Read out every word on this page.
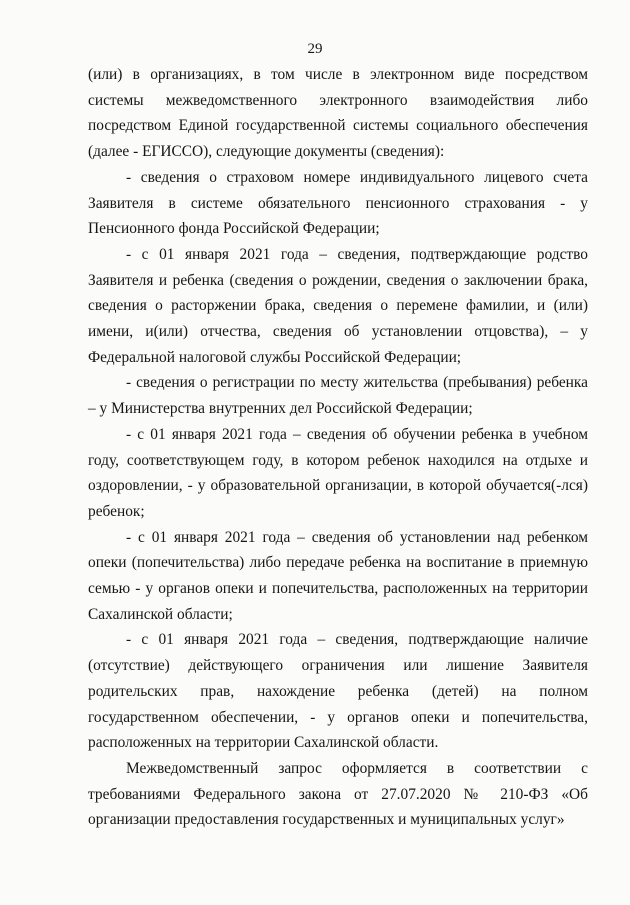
29

(или) в организациях, в том числе в электронном виде посредством системы межведомственного электронного взаимодействия либо посредством Единой государственной системы социального обеспечения (далее - ЕГИССО), следующие документы (сведения):

- сведения о страховом номере индивидуального лицевого счета Заявителя в системе обязательного пенсионного страхования - у Пенсионного фонда Российской Федерации;

- с 01 января 2021 года – сведения, подтверждающие родство Заявителя и ребенка (сведения о рождении, сведения о заключении брака, сведения о расторжении брака, сведения о перемене фамилии, и (или) имени, и(или) отчества, сведения об установлении отцовства), – у Федеральной налоговой службы Российской Федерации;

- сведения о регистрации по месту жительства (пребывания) ребенка – у Министерства внутренних дел Российской Федерации;

- с 01 января 2021 года – сведения об обучении ребенка в учебном году, соответствующем году, в котором ребенок находился на отдыхе и оздоровлении, - у образовательной организации, в которой обучается(-лся) ребенок;

- с 01 января 2021 года – сведения об установлении над ребенком опеки (попечительства) либо передаче ребенка на воспитание в приемную семью - у органов опеки и попечительства, расположенных на территории Сахалинской области;

- с 01 января 2021 года – сведения, подтверждающие наличие (отсутствие) действующего ограничения или лишение Заявителя родительских прав, нахождение ребенка (детей) на полном государственном обеспечении, - у органов опеки и попечительства, расположенных на территории Сахалинской области.

Межведомственный запрос оформляется в соответствии с требованиями Федерального закона от 27.07.2020 № 210-ФЗ «Об организации предоставления государственных и муниципальных услуг»
